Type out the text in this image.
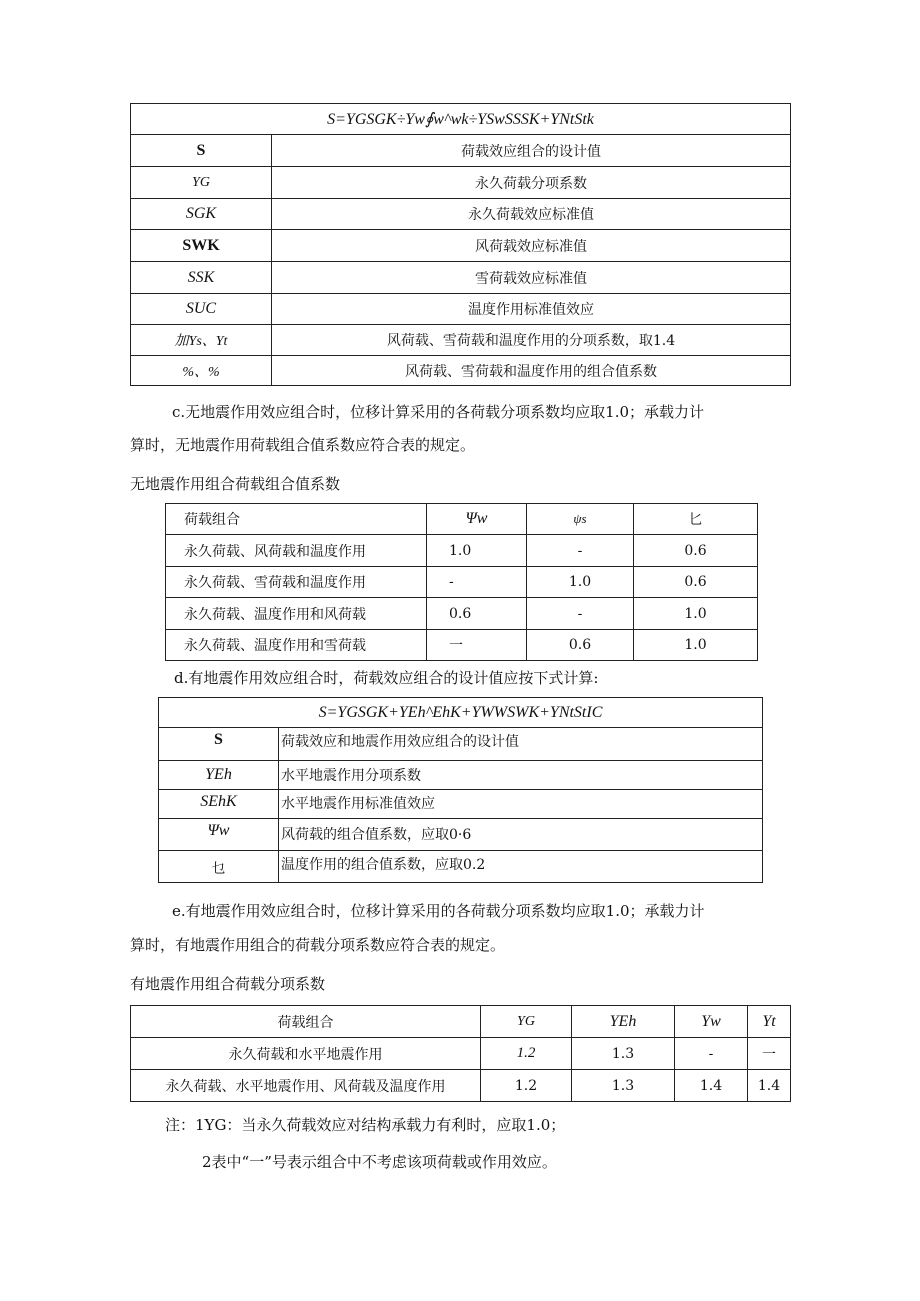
S=YGSGK÷Yw∮w^wk÷YSwSSSK+YNtStk	
S	荷载效应组合的设计值
YG	永久荷载分项系数
SGK	永久荷载效应标准值
SWK	风荷载效应标准值
SSK	雪荷载效应标准值
SUC	温度作用标准值效应
加Ys、Yt	风荷载、雪荷载和温度作用的分项系数，取1.4
%、%	风荷载、雪荷载和温度作用的组合值系数
c.无地震作用效应组合时，位移计算采用的各荷载分项系数均应取1.0；承载力计
算时，无地震作用荷载组合值系数应符合表的规定。
无地震作用组合荷载组合值系数
荷载组合	Ψw	ψs	匕
永久荷载、风荷载和温度作用	1.0	-	0.6
永久荷载、雪荷载和温度作用	-	1.0	0.6
永久荷载、温度作用和风荷载	0.6	-	1.0
永久荷载、温度作用和雪荷载	一	0.6	1.0
d.有地震作用效应组合时，荷载效应组合的设计值应按下式计算:
S=YGSGK+YEh^EhK+YWWSWK+YNtStIC	
S	荷载效应和地震作用效应组合的设计值
YEh	水平地震作用分项系数
SEhK	水平地震作用标准值效应
Ψw	风荷载的组合值系数，应取0·6
乜	温度作用的组合值系数，应取0.2
e.有地震作用效应组合时，位移计算采用的各荷载分项系数均应取1.0；承载力计
算时，有地震作用组合的荷载分项系数应符合表的规定。
有地震作用组合荷载分项系数
荷载组合	YG	YEh	Yw	Yt
永久荷载和水平地震作用	1.2	1.3	-	一
永久荷载、水平地震作用、风荷载及温度作用	1.2	1.3	1.4	1.4
注：1YG：当永久荷载效应对结构承载力有利时，应取1.0；
2表中“一”号表示组合中不考虑该项荷载或作用效应。
